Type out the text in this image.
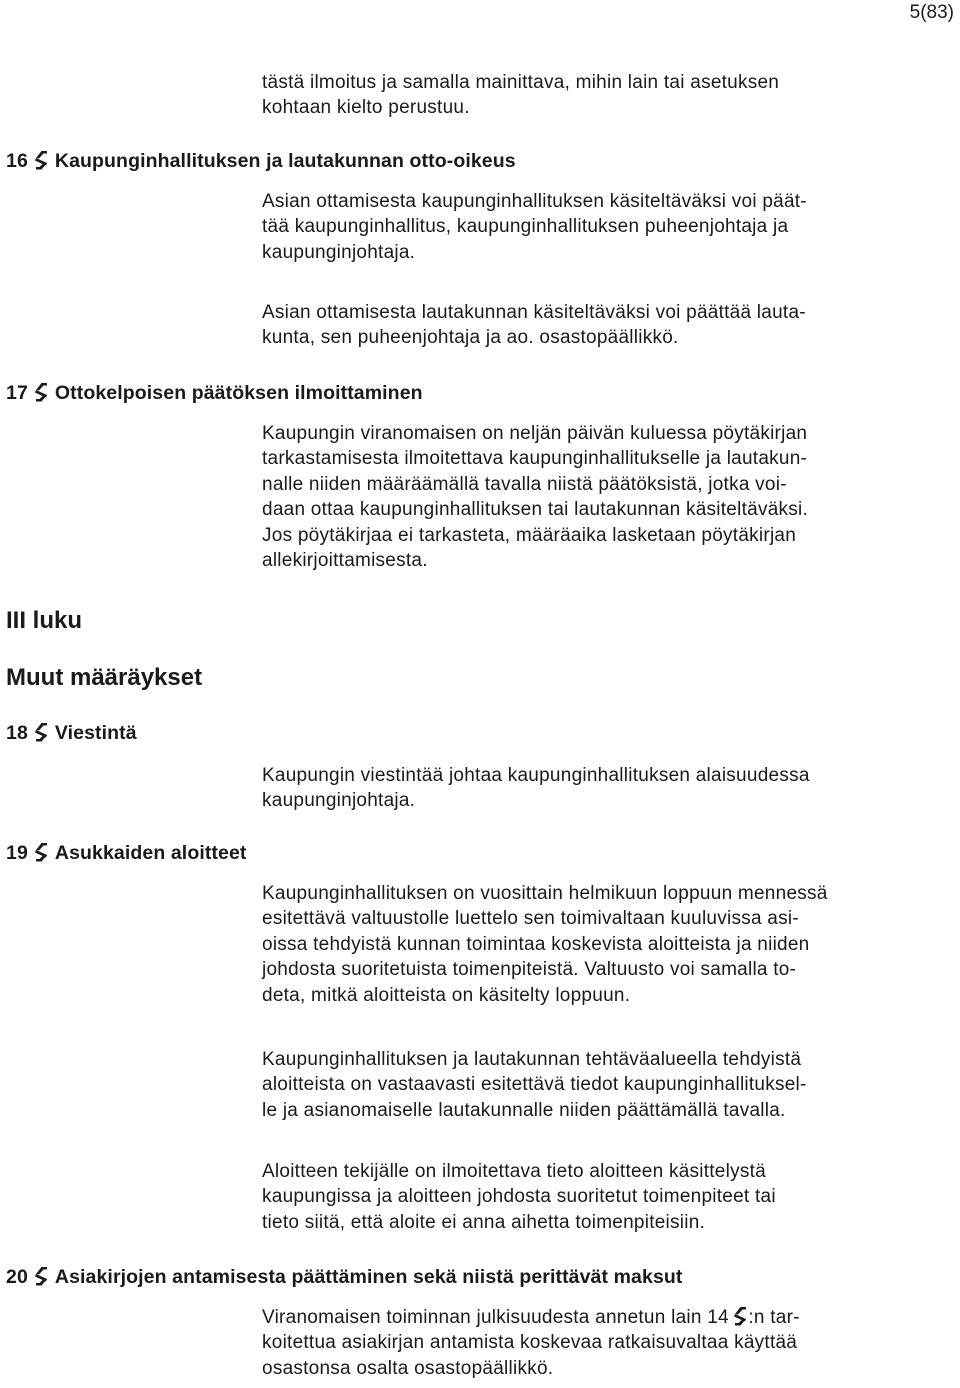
5(83)
tästä ilmoitus ja samalla mainittava, mihin lain tai asetuksen
kohtaan kielto perustuu.
16 Kaupunginhallituksen ja lautakunnan otto-oikeus
Asian ottamisesta kaupunginhallituksen käsiteltäväksi voi päät-
tää kaupunginhallitus, kaupunginhallituksen puheenjohtaja ja
kaupunginjohtaja.
Asian ottamisesta lautakunnan käsiteltäväksi voi päättää lauta-
kunta, sen puheenjohtaja ja ao. osastopäällikkö.
17 Ottokelpoisen päätöksen ilmoittaminen
Kaupungin viranomaisen on neljän päivän kuluessa pöytäkirjan
tarkastamisesta ilmoitettava kaupunginhallitukselle ja lautakun-
nalle niiden määräämällä tavalla niistä päätöksistä, jotka voi-
daan ottaa kaupunginhallituksen tai lautakunnan käsiteltäväksi.
Jos pöytäkirjaa ei tarkasteta, määräaika lasketaan pöytäkirjan
allekirjoittamisesta.
III luku
Muut määräykset
18 Viestintä
Kaupungin viestintää johtaa kaupunginhallituksen alaisuudessa
kaupunginjohtaja.
19 Asukkaiden aloitteet
Kaupunginhallituksen on vuosittain helmikuun loppuun mennessä
esitettävä valtuustolle luettelo sen toimivaltaan kuuluvissa asi-
oissa tehdyistä kunnan toimintaa koskevista aloitteista ja niiden
johdosta suoritetuista toimenpiteistä. Valtuusto voi samalla to-
deta, mitkä aloitteista on käsitelty loppuun.
Kaupunginhallituksen ja lautakunnan tehtäväalueella tehdyistä
aloitteista on vastaavasti esitettävä tiedot kaupunginhallituksel-
le ja asianomaiselle lautakunnalle niiden päättämällä tavalla.
Aloitteen tekijälle on ilmoitettava tieto aloitteen käsittelystä
kaupungissa ja aloitteen johdosta suoritetut toimenpiteet tai
tieto siitä, että aloite ei anna aihetta toimenpiteisiin.
20 Asiakirjojen antamisesta päättäminen sekä niistä perittävät maksut
Viranomaisen toiminnan julkisuudesta annetun lain 14 :n tar-
koitettua asiakirjan antamista koskevaa ratkaisuvaltaa käyttää
osastonsa osalta osastopäällikkö.
